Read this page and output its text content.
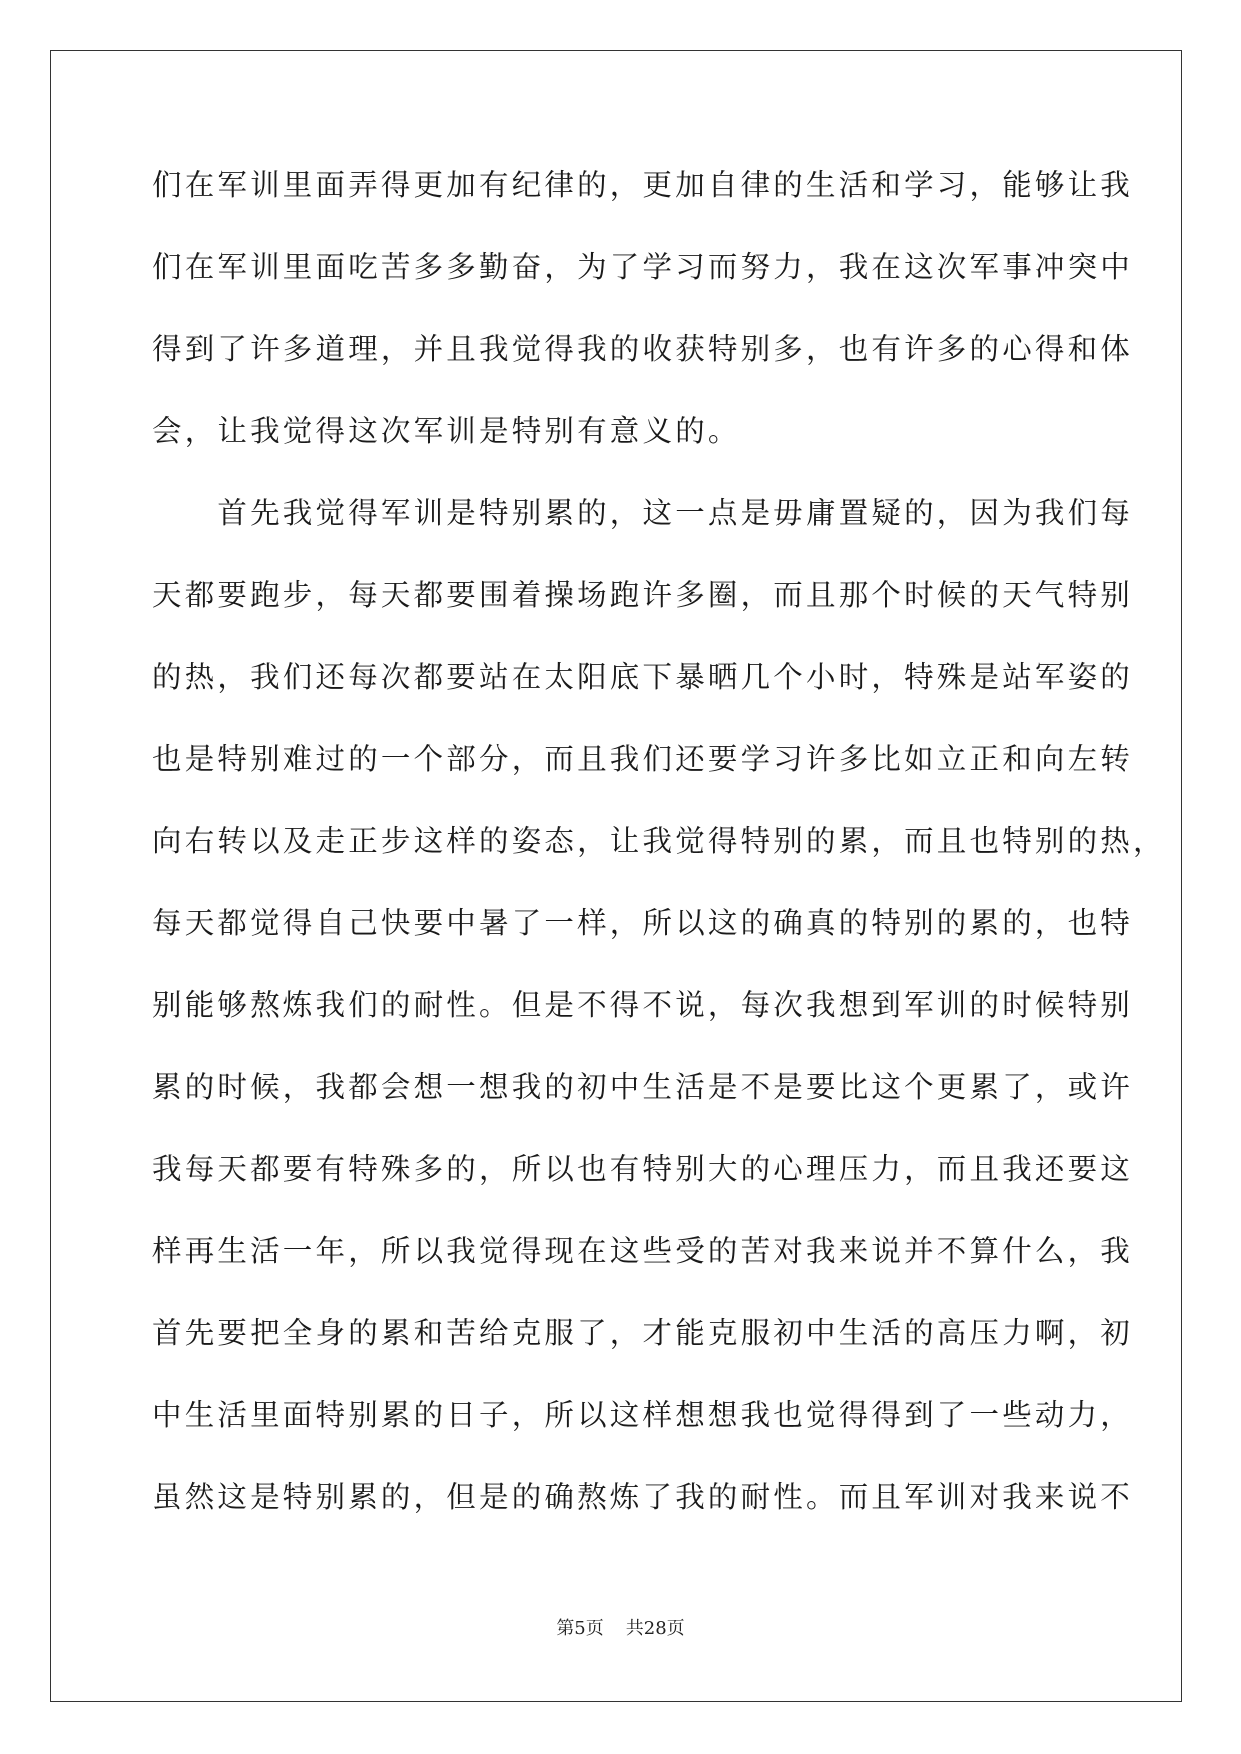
们在军训里面弄得更加有纪律的，更加自律的生活和学习，能够让我
们在军训里面吃苦多多勤奋，为了学习而努力，我在这次军事冲突中
得到了许多道理，并且我觉得我的收获特别多，也有许多的心得和体
会，让我觉得这次军训是特别有意义的。
　　首先我觉得军训是特别累的，这一点是毋庸置疑的，因为我们每
天都要跑步，每天都要围着操场跑许多圈，而且那个时候的天气特别
的热，我们还每次都要站在太阳底下暴晒几个小时，特殊是站军姿的
也是特别难过的一个部分，而且我们还要学习许多比如立正和向左转
向右转以及走正步这样的姿态，让我觉得特别的累，而且也特别的热，
每天都觉得自己快要中暑了一样，所以这的确真的特别的累的，也特
别能够熬炼我们的耐性。但是不得不说，每次我想到军训的时候特别
累的时候，我都会想一想我的初中生活是不是要比这个更累了，或许
我每天都要有特殊多的，所以也有特别大的心理压力，而且我还要这
样再生活一年，所以我觉得现在这些受的苦对我来说并不算什么，我
首先要把全身的累和苦给克服了，才能克服初中生活的高压力啊，初
中生活里面特别累的日子，所以这样想想我也觉得得到了一些动力，
虽然这是特别累的，但是的确熬炼了我的耐性。而且军训对我来说不
第5页 共28页
